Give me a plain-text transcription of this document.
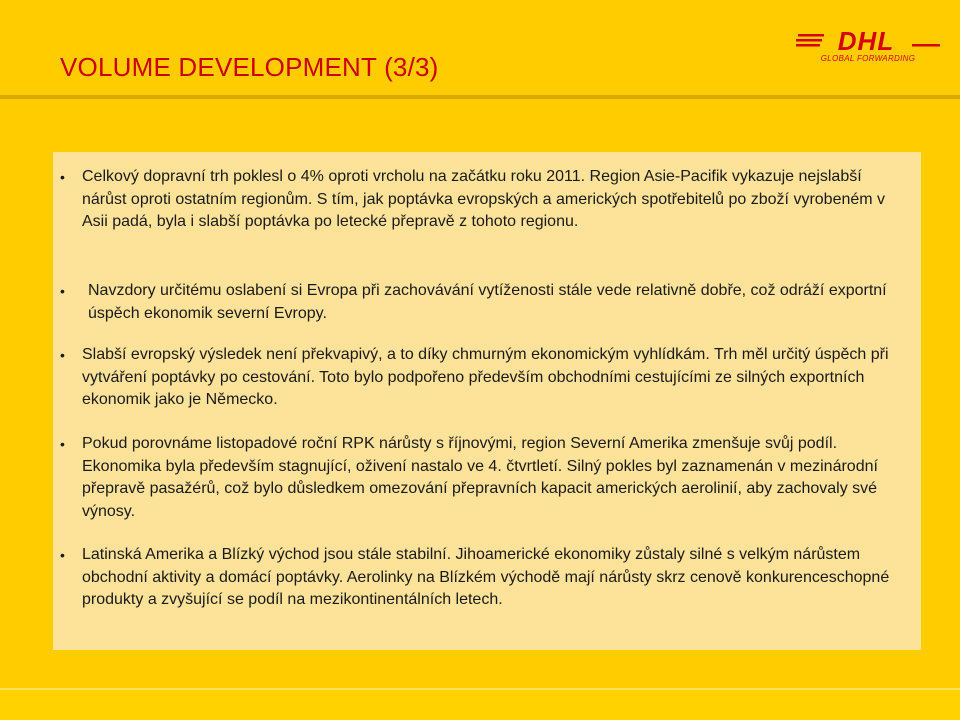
VOLUME DEVELOPMENT (3/3)
DHL
GLOBAL FORWARDING
• Celkový dopravní trh poklesl o 4% oproti vrcholu na začátku roku 2011. Region Asie-Pacifik vykazuje nejslabší nárůst oproti ostatním regionům. S tím, jak poptávka evropských a amerických spotřebitelů po zboží vyrobeném v Asii padá, byla i slabší poptávka po letecké přepravě z tohoto regionu.
• Navzdory určitému oslabení si Evropa při zachovávání vytíženosti stále vede relativně dobře, což odráží exportní úspěch ekonomik severní Evropy.
• Slabší evropský výsledek není překvapivý, a to díky chmurným ekonomickým vyhlídkám. Trh měl určitý úspěch při vytváření poptávky po cestování. Toto bylo podpořeno především obchodními cestujícími ze silných exportních ekonomik jako je Německo.
• Pokud porovnáme listopadové roční RPK nárůsty s říjnovými, region Severní Amerika zmenšuje svůj podíl. Ekonomika byla především stagnující, oživení nastalo ve 4. čtvrtletí. Silný pokles byl zaznamenán v mezinárodní přepravě pasažérů, což bylo důsledkem omezování přepravních kapacit amerických aerolinií, aby zachovaly své výnosy.
• Latinská Amerika a Blízký východ jsou stále stabilní. Jihoamerické ekonomiky zůstaly silné s velkým nárůstem obchodní aktivity a domácí poptávky. Aerolinky na Blízkém východě mají nárůsty skrz cenově konkurenceschopné produkty a zvyšující se podíl na mezikontinentálních letech.
